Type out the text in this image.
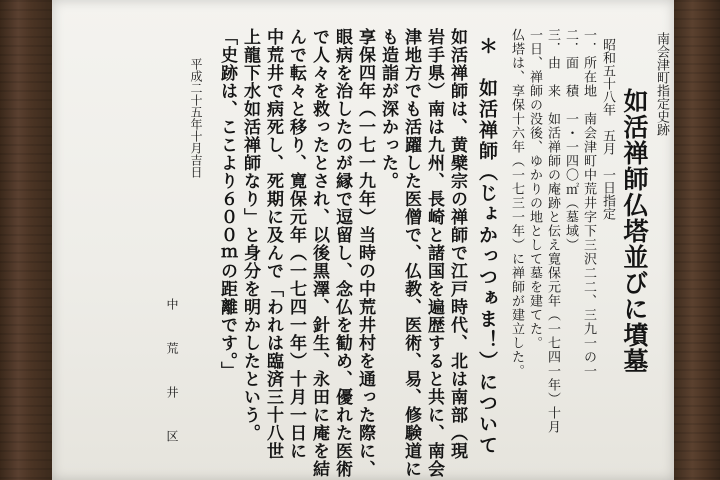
南会津町指定史跡
如活禅師仏塔並びに墳墓
昭和五十八年　五月　一日指定
一．所在地　南会津町中荒井字下三沢二二、三九一の一
二．面　積　一・一四〇㎡（墓域）
三．由　来　如活禅師の庵跡と伝え寛保元年（一七四一年）十月
一日、禅師の没後、ゆかりの地として墓を建てた。
仏塔は、享保十六年（一七三一年）に禅師が建立した。
＊　如活禅師（じょかっつぁま！）について
如活禅師は、黄檗宗の禅師で江戸時代、北は南部（現
岩手県）南は九州、長崎と諸国を遍歴すると共に、南会
津地方でも活躍した医僧で、仏教、医術、易、修験道に
も造詣が深かった。
享保四年（一七一九年）当時の中荒井村を通った際に、
眼病を治したのが縁で逗留し、念仏を勧め、優れた医術
で人々を救ったとされ、以後黒澤、針生、永田に庵を結
んで転々と移り、寛保元年（一七四一年）十月一日に
中荒井で病死し、死期に及んで「われは臨済三十八世
上龍下水如活禅師なり」と身分を明かしたという。
「史跡は、ここより６００ｍの距離です。」
平成二十五年十月吉日
中　荒　井　区
